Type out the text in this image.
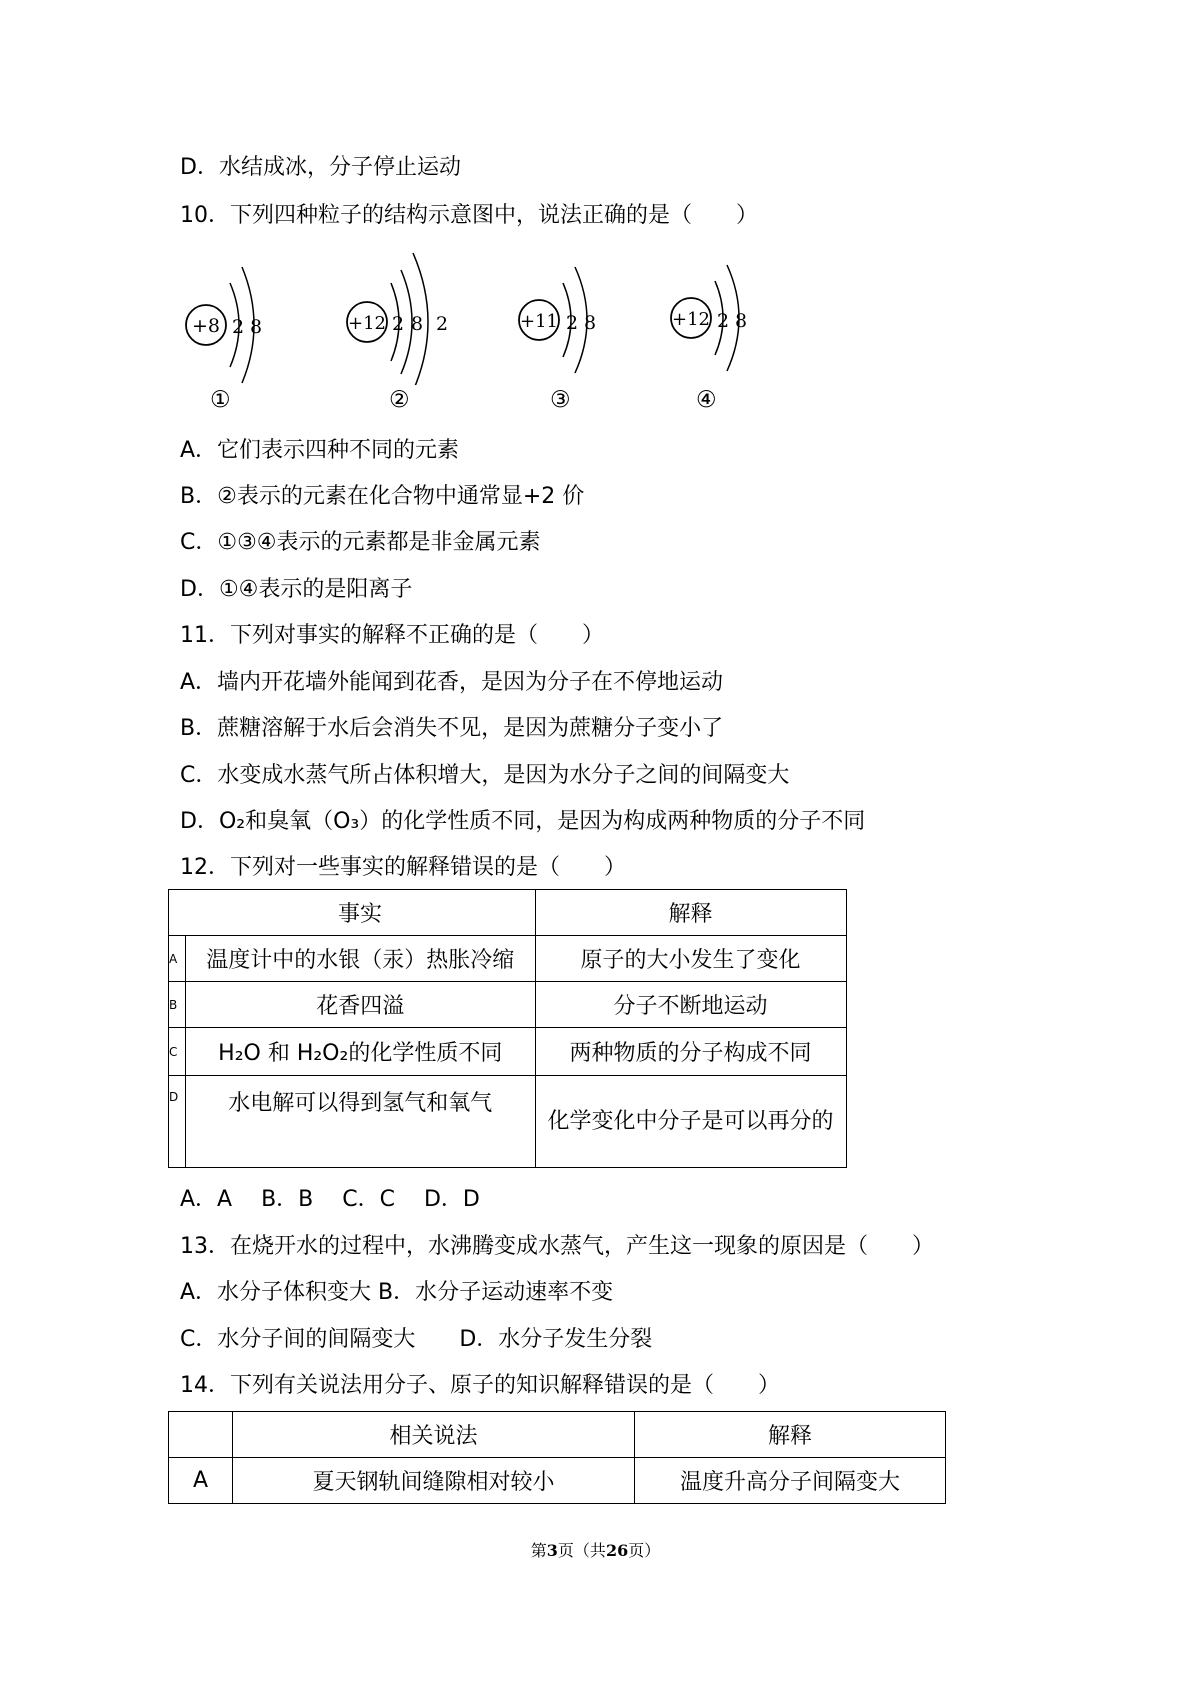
D．水结成冰，分子停止运动
10．下列四种粒子的结构示意图中，说法正确的是（　　）
+8 2 8	+12 2 8 2	+11 2 8	+12 2 8
①	②	③	④
A．它们表示四种不同的元素
B．②表示的元素在化合物中通常显+2 价
C．①③④表示的元素都是非金属元素
D．①④表示的是阳离子
11．下列对事实的解释不正确的是（　　）
A．墙内开花墙外能闻到花香，是因为分子在不停地运动
B．蔗糖溶解于水后会消失不见，是因为蔗糖分子变小了
C．水变成水蒸气所占体积增大，是因为水分子之间的间隔变大
D．O₂和臭氧（O₃）的化学性质不同，是因为构成两种物质的分子不同
12．下列对一些事实的解释错误的是（　　）
	事实	解释
A	温度计中的水银（汞）热胀冷缩	原子的大小发生了变化
B	花香四溢	分子不断地运动
C	H₂O 和 H₂O₂的化学性质不同	两种物质的分子构成不同
D	水电解可以得到氢气和氧气	化学变化中分子是可以再分的
A．A　 B．B　 C．C　 D．D
13．在烧开水的过程中，水沸腾变成水蒸气，产生这一现象的原因是（　　）
A．水分子体积变大 B．水分子运动速率不变
C．水分子间的间隔变大　　D．水分子发生分裂
14．下列有关说法用分子、原子的知识解释错误的是（　　）
	相关说法	解释
A	夏天钢轨间缝隙相对较小	温度升高分子间隔变大
第3页（共26页）
